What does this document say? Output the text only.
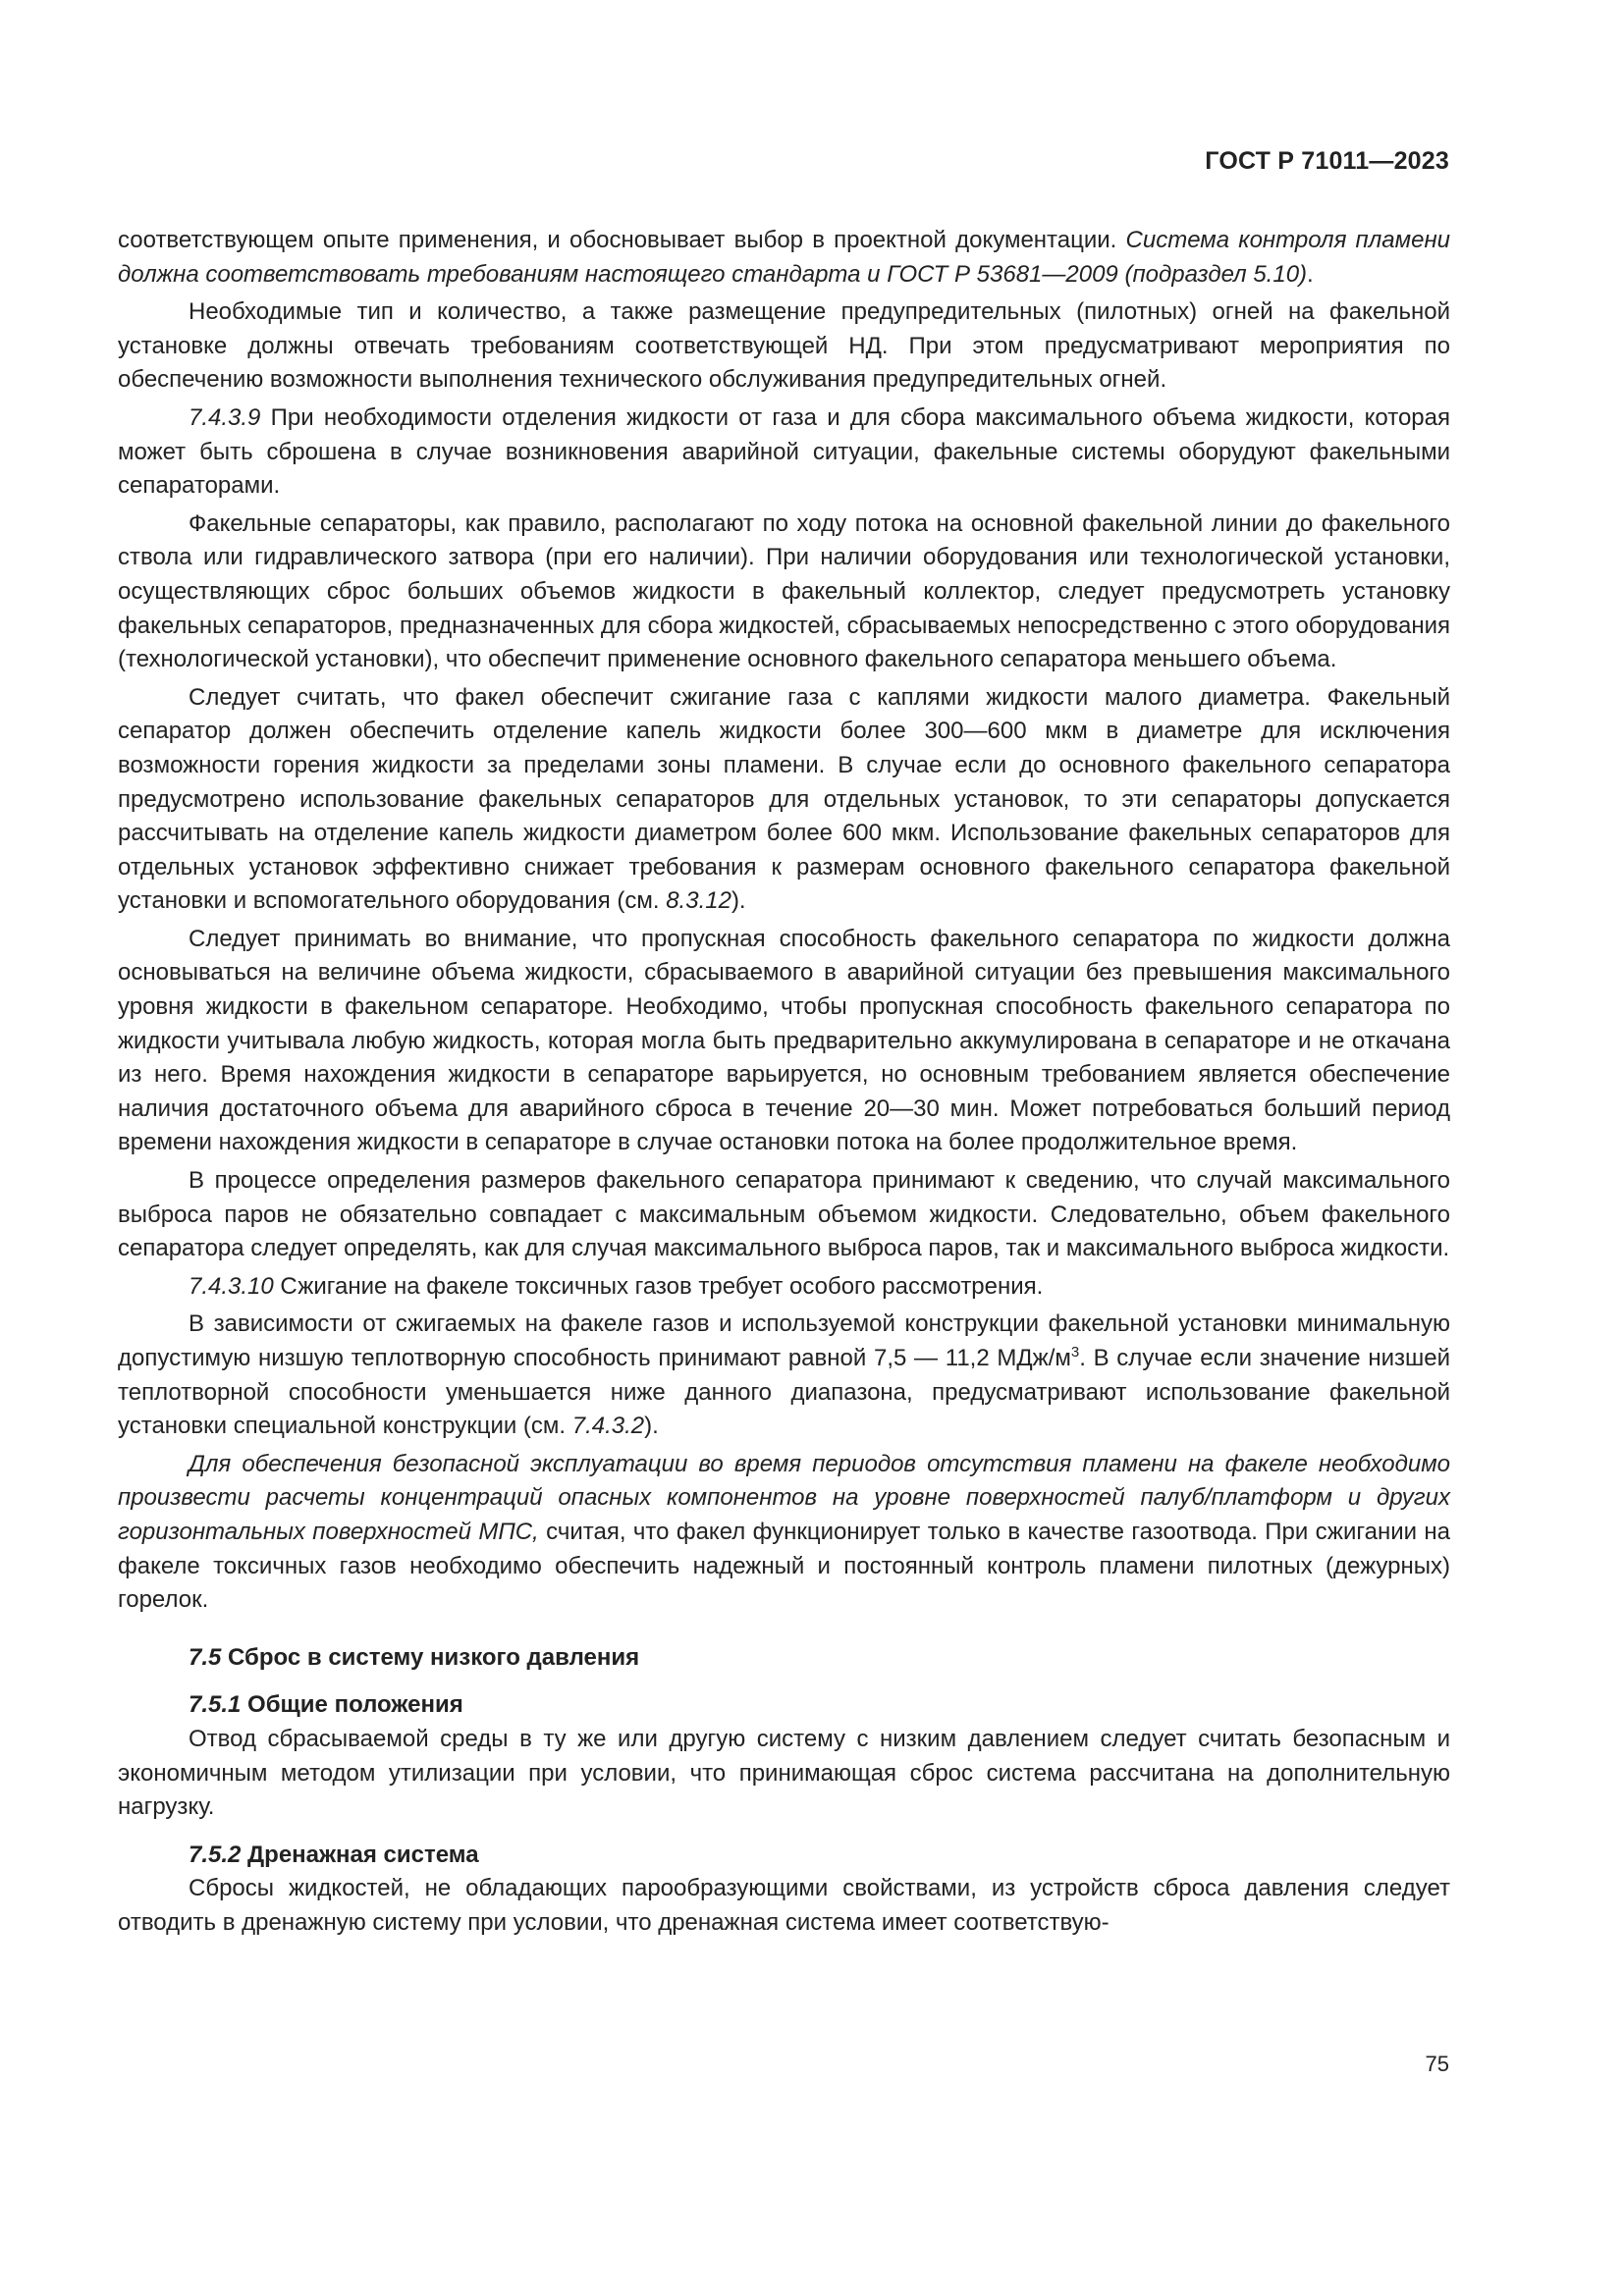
ГОСТ Р 71011—2023

соответствующем опыте применения, и обосновывает выбор в проектной документации. Система контроля пламени должна соответствовать требованиям настоящего стандарта и ГОСТ Р 53681—2009 (подраздел 5.10).

Необходимые тип и количество, а также размещение предупредительных (пилотных) огней на факельной установке должны отвечать требованиям соответствующей НД. При этом предусматривают мероприятия по обеспечению возможности выполнения технического обслуживания предупредительных огней.

7.4.3.9 При необходимости отделения жидкости от газа и для сбора максимального объема жидкости, которая может быть сброшена в случае возникновения аварийной ситуации, факельные системы оборудуют факельными сепараторами.

Факельные сепараторы, как правило, располагают по ходу потока на основной факельной линии до факельного ствола или гидравлического затвора (при его наличии). При наличии оборудования или технологической установки, осуществляющих сброс больших объемов жидкости в факельный коллектор, следует предусмотреть установку факельных сепараторов, предназначенных для сбора жидкостей, сбрасываемых непосредственно с этого оборудования (технологической установки), что обеспечит применение основного факельного сепаратора меньшего объема.

Следует считать, что факел обеспечит сжигание газа с каплями жидкости малого диаметра. Факельный сепаратор должен обеспечить отделение капель жидкости более 300—600 мкм в диаметре для исключения возможности горения жидкости за пределами зоны пламени. В случае если до основного факельного сепаратора предусмотрено использование факельных сепараторов для отдельных установок, то эти сепараторы допускается рассчитывать на отделение капель жидкости диаметром более 600 мкм. Использование факельных сепараторов для отдельных установок эффективно снижает требования к размерам основного факельного сепаратора факельной установки и вспомогательного оборудования (см. 8.3.12).

Следует принимать во внимание, что пропускная способность факельного сепаратора по жидкости должна основываться на величине объема жидкости, сбрасываемого в аварийной ситуации без превышения максимального уровня жидкости в факельном сепараторе. Необходимо, чтобы пропускная способность факельного сепаратора по жидкости учитывала любую жидкость, которая могла быть предварительно аккумулирована в сепараторе и не откачана из него. Время нахождения жидкости в сепараторе варьируется, но основным требованием является обеспечение наличия достаточного объема для аварийного сброса в течение 20—30 мин. Может потребоваться больший период времени нахождения жидкости в сепараторе в случае остановки потока на более продолжительное время.

В процессе определения размеров факельного сепаратора принимают к сведению, что случай максимального выброса паров не обязательно совпадает с максимальным объемом жидкости. Следовательно, объем факельного сепаратора следует определять, как для случая максимального выброса паров, так и максимального выброса жидкости.

7.4.3.10 Сжигание на факеле токсичных газов требует особого рассмотрения.

В зависимости от сжигаемых на факеле газов и используемой конструкции факельной установки минимальную допустимую низшую теплотворную способность принимают равной 7,5 — 11,2 МДж/$м^3$. В случае если значение низшей теплотворной способности уменьшается ниже данного диапазона, предусматривают использование факельной установки специальной конструкции (см. 7.4.3.2).

Для обеспечения безопасной эксплуатации во время периодов отсутствия пламени на факеле необходимо произвести расчеты концентраций опасных компонентов на уровне поверхностей палуб/платформ и других горизонтальных поверхностей МПС, считая, что факел функционирует только в качестве газоотвода. При сжигании на факеле токсичных газов необходимо обеспечить надежный и постоянный контроль пламени пилотных (дежурных) горелок.

7.5 Сброс в систему низкого давления
7.5.1 Общие положения

Отвод сбрасываемой среды в ту же или другую систему с низким давлением следует считать безопасным и экономичным методом утилизации при условии, что принимающая сброс система рассчитана на дополнительную нагрузку.

7.5.2 Дренажная система

Сбросы жидкостей, не обладающих парообразующими свойствами, из устройств сброса давления следует отводить в дренажную систему при условии, что дренажная система имеет соответствую-

75
